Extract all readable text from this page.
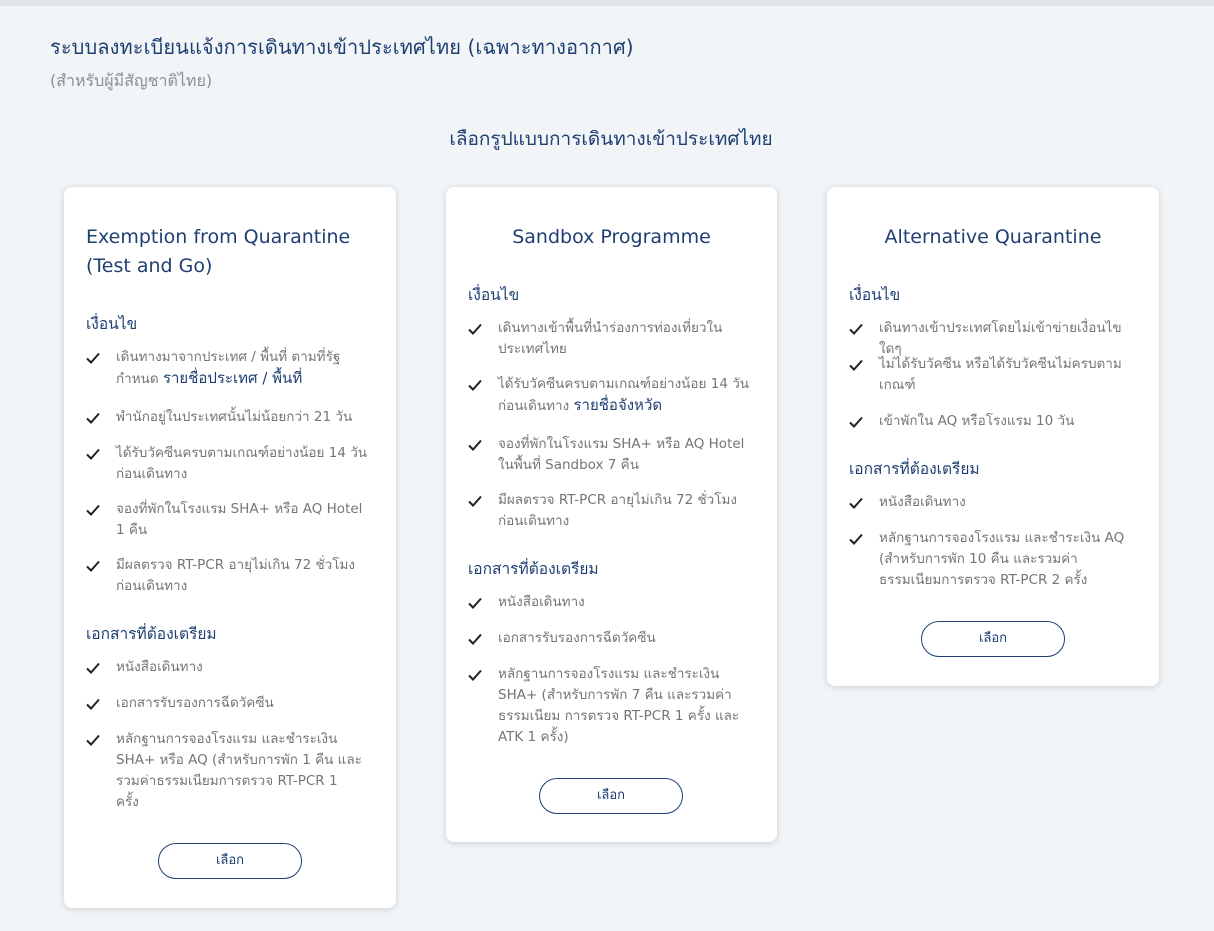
ระบบลงทะเบียนแจ้งการเดินทางเข้าประเทศไทย (เฉพาะทางอากาศ)
(สำหรับผู้มีสัญชาติไทย)
เลือกรูปแบบการเดินทางเข้าประเทศไทย
Exemption from Quarantine
(Test and Go)
เงื่อนไข
เดินทางมาจากประเทศ / พื้นที่ ตามที่รัฐ
กำหนด รายชื่อประเทศ / พื้นที่
พำนักอยู่ในประเทศนั้นไม่น้อยกว่า 21 วัน
ได้รับวัคซีนครบตามเกณฑ์อย่างน้อย 14 วัน
ก่อนเดินทาง
จองที่พักในโรงแรม SHA+ หรือ AQ Hotel
1 คืน
มีผลตรวจ RT-PCR อายุไม่เกิน 72 ชั่วโมง
ก่อนเดินทาง
เอกสารที่ต้องเตรียม
หนังสือเดินทาง
เอกสารรับรองการฉีดวัคซีน
หลักฐานการจองโรงแรม และชำระเงิน
SHA+ หรือ AQ (สำหรับการพัก 1 คืน และ
รวมค่าธรรมเนียมการตรวจ RT-PCR 1
ครั้ง
เลือก
Sandbox Programme
เงื่อนไข
เดินทางเข้าพื้นที่นำร่องการท่องเที่ยวใน
ประเทศไทย
ได้รับวัคซีนครบตามเกณฑ์อย่างน้อย 14 วัน
ก่อนเดินทาง รายชื่อจังหวัด
จองที่พักในโรงแรม SHA+ หรือ AQ Hotel
ในพื้นที่ Sandbox 7 คืน
มีผลตรวจ RT-PCR อายุไม่เกิน 72 ชั่วโมง
ก่อนเดินทาง
เอกสารที่ต้องเตรียม
หนังสือเดินทาง
เอกสารรับรองการฉีดวัคซีน
หลักฐานการจองโรงแรม และชำระเงิน
SHA+ (สำหรับการพัก 7 คืน และรวมค่า
ธรรมเนียม การตรวจ RT-PCR 1 ครั้ง และ
ATK 1 ครั้ง)
เลือก
Alternative Quarantine
เงื่อนไข
เดินทางเข้าประเทศโดยไม่เข้าข่ายเงื่อนไขใดๆ
ไม่ได้รับวัคซีน หรือได้รับวัคซีนไม่ครบตาม
เกณฑ์
เข้าพักใน AQ หรือโรงแรม 10 วัน
เอกสารที่ต้องเตรียม
หนังสือเดินทาง
หลักฐานการจองโรงแรม และชำระเงิน AQ
(สำหรับการพัก 10 คืน และรวมค่า
ธรรมเนียมการตรวจ RT-PCR 2 ครั้ง
เลือก
